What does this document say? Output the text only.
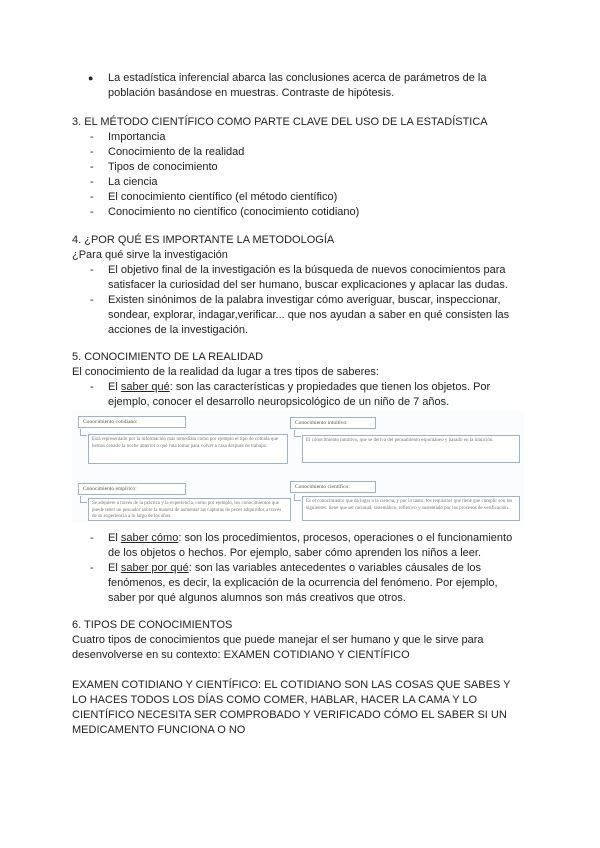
● La estadística inferencial abarca las conclusiones acerca de parámetros de la población basándose en muestras. Contraste de hipótesis.
3. EL MÉTODO CIENTÍFICO COMO PARTE CLAVE DEL USO DE LA ESTADÍSTICA
- Importancia
- Conocimiento de la realidad
- Tipos de conocimiento
- La ciencia
- El conocimiento científico (el método científico)
- Conocimiento no científico (conocimiento cotidiano)
4. ¿POR QUÉ ES IMPORTANTE LA METODOLOGÍA
¿Para qué sirve la investigación
- El objetivo final de la investigación es la búsqueda de nuevos conocimientos para satisfacer la curiosidad del ser humano, buscar explicaciones y aplacar las dudas.
- Existen sinónimos de la palabra investigar cómo averiguar, buscar, inspeccionar, sondear, explorar, indagar,verificar... que nos ayudan a saber en qué consisten las acciones de la investigación.
5. CONOCIMIENTO DE LA REALIDAD
El conocimiento de la realidad da lugar a tres tipos de saberes:
- El saber qué: son las características y propiedades que tienen los objetos. Por ejemplo, conocer el desarrollo neuropsicológico de un niño de 7 años.
Conocimiento cotidiano:
Está representado por la información más inmediata como por ejemplo el tipo de comida que hemos cenado la noche anterior o qué ruta tomar para volver a casa después de trabajar.
Conocimiento intuitivo:
El conocimiento intuitivo, que se deriva del pensamiento espontáneo y basado en la intuición.
Conocimiento empírico:
Se adquiere a través de la práctica y la experiencia, como por ejemplo, los conocimientos que puede tener un pescador sobre la manera de aumentar las capturas de peces adquiridos a través de su experiencia a lo largo de los años.
Conocimiento científico:
Es el conocimiento que da lugar a la ciencia, y por lo tanto, los requisitos que tiene que cumplir son los siguientes: tiene que ser racional, sistemático, reflexivo y sustentado por los procesos de verificación.
- El saber cómo: son los procedimientos, procesos, operaciones o el funcionamiento de los objetos o hechos. Por ejemplo, saber cómo aprenden los niños a leer.
- El saber por qué: son las variables antecedentes o variables cáusales de los fenómenos, es decir, la explicación de la ocurrencia del fenómeno. Por ejemplo, saber por qué algunos alumnos son más creativos que otros.
6. TIPOS DE CONOCIMIENTOS
Cuatro tipos de conocimientos que puede manejar el ser humano y que le sirve para desenvolverse en su contexto: EXAMEN COTIDIANO Y CIENTÍFICO
EXAMEN COTIDIANO Y CIENTÍFICO: EL COTIDIANO SON LAS COSAS QUE SABES Y LO HACES TODOS LOS DÍAS COMO COMER, HABLAR, HACER LA CAMA Y LO CIENTÍFICO NECESITA SER COMPROBADO Y VERIFICADO CÓMO EL SABER SI UN MEDICAMENTO FUNCIONA O NO
